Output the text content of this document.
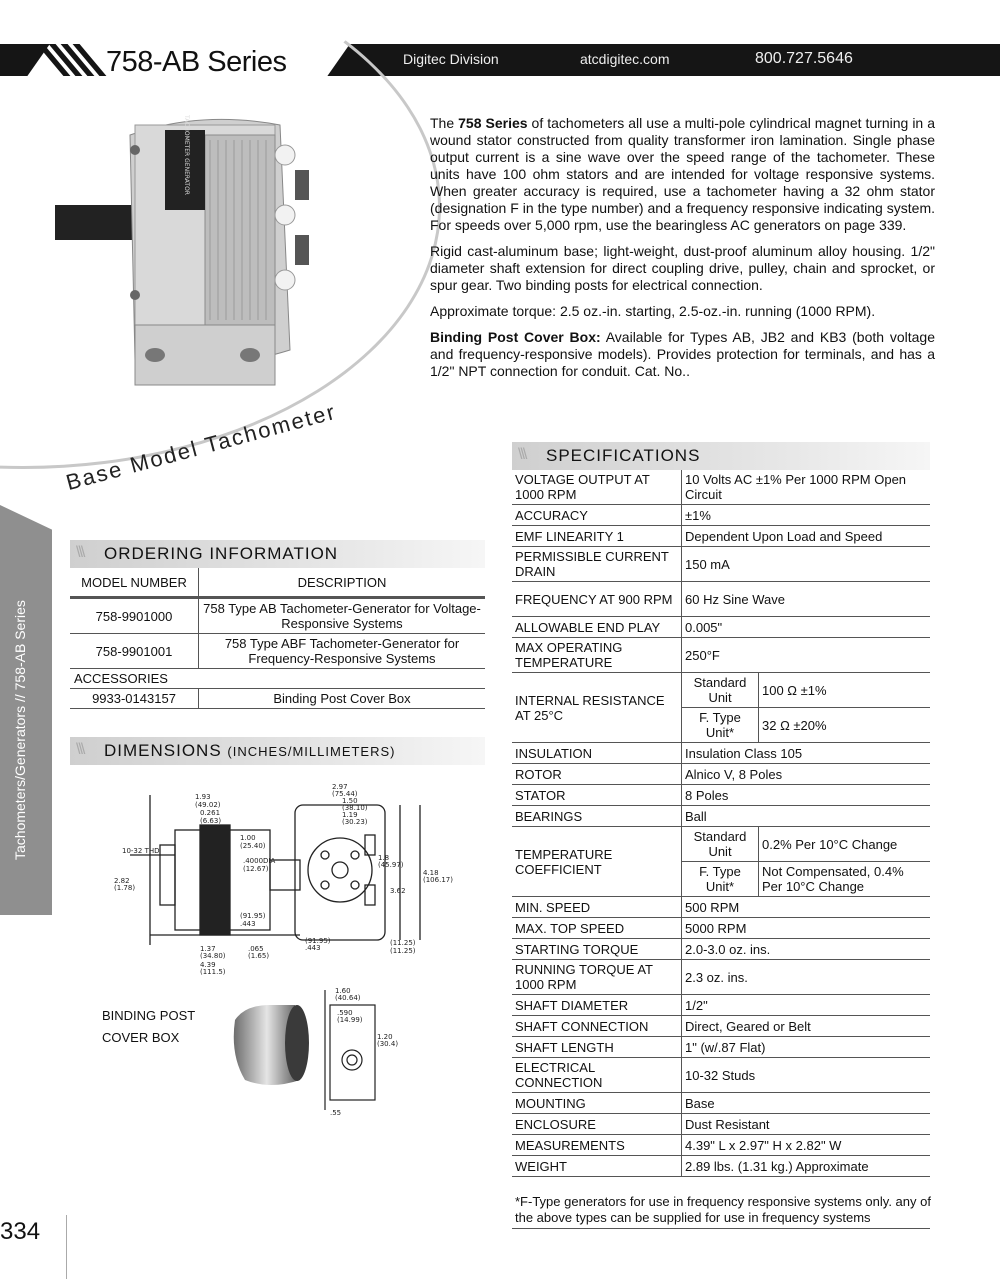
758-AB Series	Digitec Division	atcdigitec.com	800.727.5646
TACHOMETER GENERATOR	The 758 Series of tachometers all use a multi-pole cylindrical magnet turning in a wound stator constructed from quality transformer iron lamination. Single phase output current is a sine wave over the speed range of the tachometer. These units have 100 ohm stators and are intended for voltage responsive systems. When greater accuracy is required, use a tachometer having a 32 ohm stator (designation F in the type number) and a frequency responsive indicating system. For speeds over 5,000 rpm, use the bearingless AC generators on page 339.

Rigid cast-aluminum base; light-weight, dust-proof aluminum alloy housing. 1/2" diameter shaft extension for direct coupling drive, pulley, chain and sprocket, or spur gear. Two binding posts for electrical connection.

Approximate torque: 2.5 oz.-in. starting, 2.5-oz.-in. running (1000 RPM).

Binding Post Cover Box: Available for Types AB, JB2 and KB3 (both voltage and frequency-responsive models). Provides protection for terminals, and has a 1/2" NPT connection for conduit. Cat. No..

Base Model Tachometer
Tachometers/Generators // 758-AB Series
\\\ ORDERING INFORMATION
MODEL NUMBER	DESCRIPTION
758-9901000	758 Type AB Tachometer-Generator for Voltage-Responsive Systems
758-9901001	758 Type ABF Tachometer-Generator for Frequency-Responsive Systems
ACCESSORIES	
9933-0143157	Binding Post Cover Box
\\\ DIMENSIONS (INCHES/MILLIMETERS)
1.93
(49.02)
0.261
(6.63)
1.00
(25.40)
.4000DIA
(12.67)
10-32 THD
2.82
(1.78)
(91.95)
.443
1.37
(34.80)
.065
(1.65)
4.39
(111.5)
2.97
(75.44)
1.50
(38.10)
1.19
(30.23)
1.8
(45.97)
4.18
(106.17)
3.62
(91.95)
.443
(11.25)
(11.25)
BINDING POST COVER BOX
1.60
(40.64)
.590
(14.99)
1.20
(30.4)
.55
\\\ SPECIFICATIONS
VOLTAGE OUTPUT AT 1000 RPM	10 Volts AC ±1% Per 1000 RPM Open Circuit	
ACCURACY	±1%	
EMF LINEARITY 1	Dependent Upon Load and Speed	
PERMISSIBLE CURRENT DRAIN	150 mA	
FREQUENCY AT 900 RPM	60 Hz Sine Wave	
ALLOWABLE END PLAY	0.005"	
MAX OPERATING TEMPERATURE	250°F	
INTERNAL RESISTANCE AT 25°C	Standard Unit	100 Ω ±1%
	F. Type Unit*	32 Ω ±20%
INSULATION	Insulation Class 105	
ROTOR	Alnico V, 8 Poles	
STATOR	8 Poles	
BEARINGS	Ball	
TEMPERATURE COEFFICIENT	Standard Unit	0.2% Per 10°C Change
	F. Type Unit*	Not Compensated, 0.4% Per 10°C Change
MIN. SPEED	500 RPM	
MAX. TOP SPEED	5000 RPM	
STARTING TORQUE	2.0-3.0 oz. ins.	
RUNNING TORQUE AT 1000 RPM	2.3 oz. ins.	
SHAFT DIAMETER	1/2"	
SHAFT CONNECTION	Direct, Geared or Belt	
SHAFT LENGTH	1" (w/.87 Flat)	
ELECTRICAL CONNECTION	10-32 Studs	
MOUNTING	Base	
ENCLOSURE	Dust Resistant	
MEASUREMENTS	4.39" L x 2.97" H x 2.82" W	
WEIGHT	2.89 lbs. (1.31 kg.) Approximate	
*F-Type generators for use in frequency responsive systems only. any of the above types can be supplied for use in frequency systems
334
